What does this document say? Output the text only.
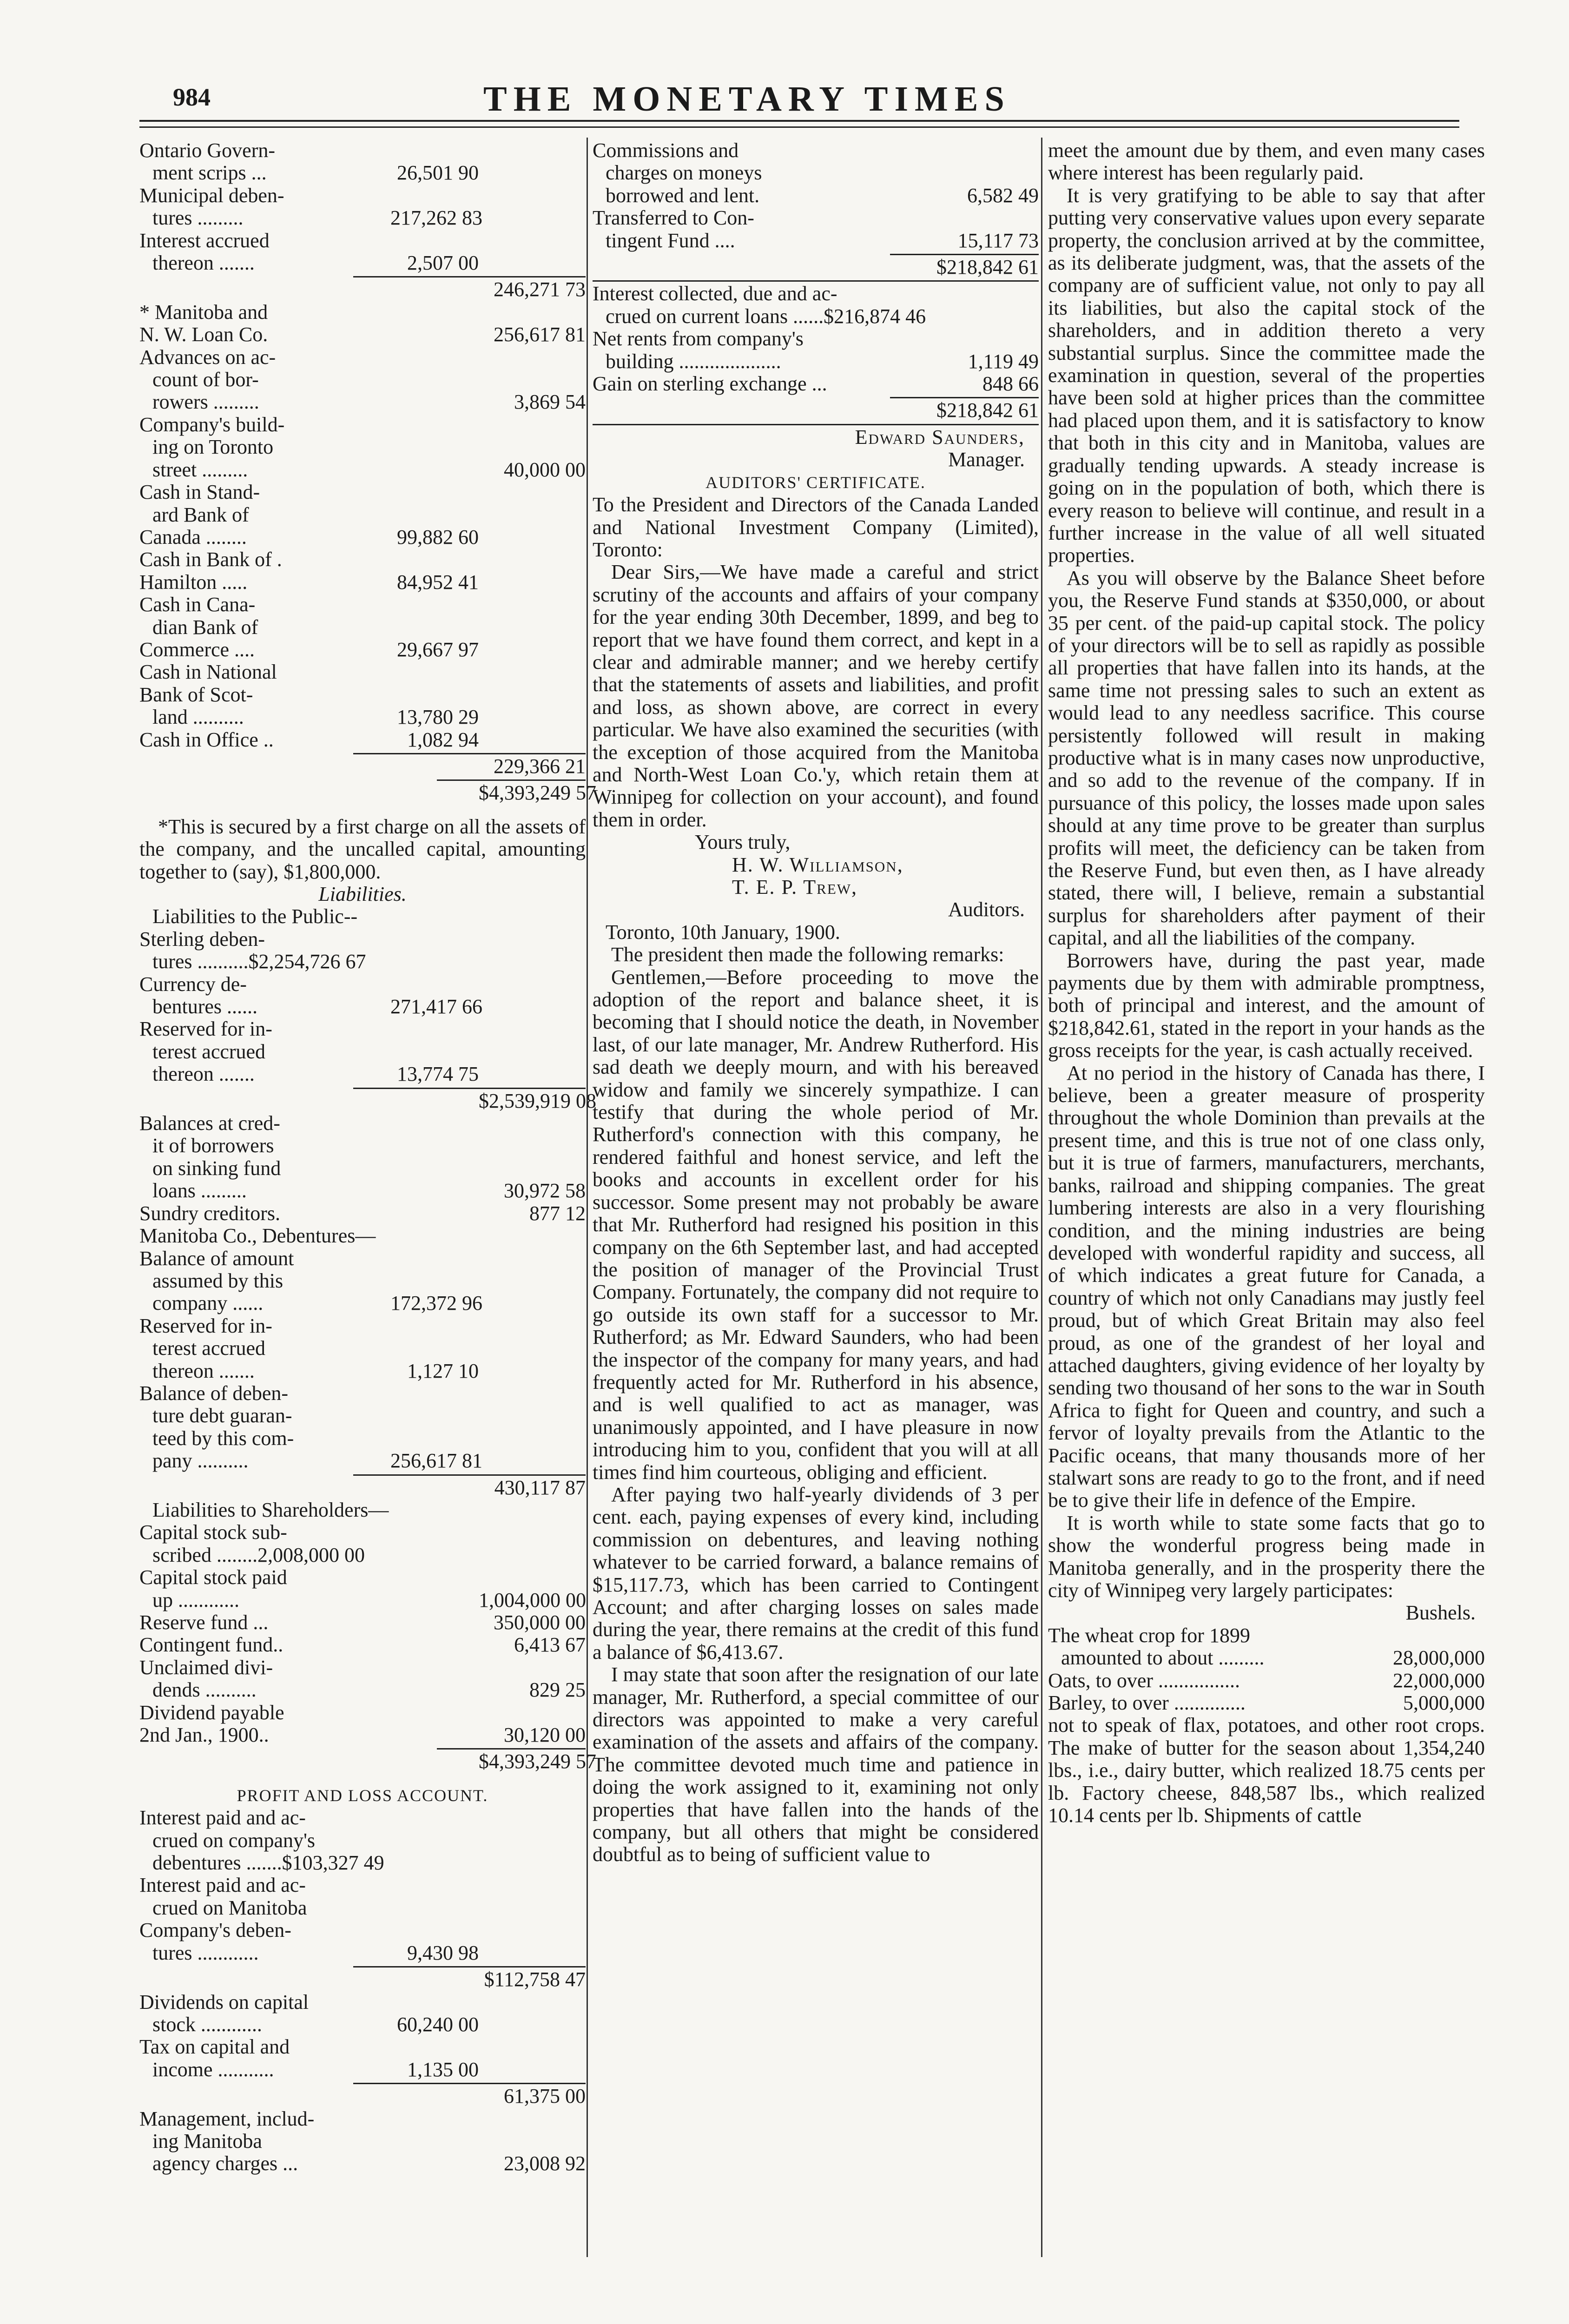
984	THE MONETARY TIMES
Ontario Govern-
ment scrips ...	26,501 90
Municipal deben-
tures .........	217,262 83
Interest accrued
thereon .......	2,507 00
246,271 73
* Manitoba and
N. W. Loan Co.	256,617 81
Advances on ac-
count of bor-
rowers .........	3,869 54
Company's build-
ing on Toronto
street .........	40,000 00
Cash in Stand-
ard Bank of
Canada ........	99,882 60
Cash in Bank of .
Hamilton .....	84,952 41
Cash in Cana-
dian Bank of
Commerce ....	29,667 97
Cash in National
Bank of Scot-
land ..........	13,780 29
Cash in Office ..	1,082 94
229,366 21
$4,393,249 57

*This is secured by a first charge on all the assets of the company, and the uncalled capital, amounting together to (say), $1,800,000.

Liabilities.
Liabilities to the Public--
Sterling deben-
tures ..........$2,254,726 67
Currency de-
bentures ......	271,417 66
Reserved for in-
terest accrued
thereon .......	13,774 75
$2,539,919 08
Balances at cred-
it of borrowers
on sinking fund
loans .........	30,972 58
Sundry creditors.	877 12
Manitoba Co., Debentures—
Balance of amount
assumed by this
company ......	172,372 96
Reserved for in-
terest accrued
thereon .......	1,127 10
Balance of deben-
ture debt guaran-
teed by this com-
pany ..........	256,617 81
430,117 87
Liabilities to Shareholders—
Capital stock sub-
scribed ........2,008,000 00
Capital stock paid
up ............	1,004,000 00
Reserve fund ...	350,000 00
Contingent fund..	6,413 67
Unclaimed divi-
dends ..........	829 25
Dividend payable
2nd Jan., 1900..	30,120 00
$4,393,249 57
PROFIT AND LOSS ACCOUNT.
Interest paid and ac-
crued on company's
debentures .......$103,327 49
Interest paid and ac-
crued on Manitoba
Company's deben-
tures ............	9,430 98
$112,758 47
Dividends on capital
stock ............	60,240 00
Tax on capital and
income ...........	1,135 00
61,375 00
Management, includ-
ing Manitoba
agency charges ...	23,008 92
Commissions and
charges on moneys
borrowed and lent.	6,582 49
Transferred to Con-
tingent Fund ....	15,117 73
$218,842 61
Interest collected, due and ac-
crued on current loans ......$216,874 46
Net rents from company's
building ....................	1,119 49
Gain on sterling exchange ...	848 66
$218,842 61
Edward Saunders,
Manager.
AUDITORS' CERTIFICATE.

To the President and Directors of the Canada Landed and National Investment Company (Limited), Toronto:

Dear Sirs,—We have made a careful and strict scrutiny of the accounts and affairs of your company for the year ending 30th December, 1899, and beg to report that we have found them correct, and kept in a clear and admirable manner; and we hereby certify that the statements of assets and liabilities, and profit and loss, as shown above, are correct in every particular. We have also examined the securities (with the exception of those acquired from the Manitoba and North-West Loan Co.'y, which retain them at Winnipeg for collection on your account), and found them in order.

Yours truly,
H. W. Williamson,
T. E. P. Trew,
Auditors.
Toronto, 10th January, 1900.

The president then made the following remarks:

Gentlemen,—Before proceeding to move the adoption of the report and balance sheet, it is becoming that I should notice the death, in November last, of our late manager, Mr. Andrew Rutherford. His sad death we deeply mourn, and with his bereaved widow and family we sincerely sympathize. I can testify that during the whole period of Mr. Rutherford's connection with this company, he rendered faithful and honest service, and left the books and accounts in excellent order for his successor. Some present may not probably be aware that Mr. Rutherford had resigned his position in this company on the 6th September last, and had accepted the position of manager of the Provincial Trust Company. Fortunately, the company did not require to go outside its own staff for a successor to Mr. Rutherford; as Mr. Edward Saunders, who had been the inspector of the company for many years, and had frequently acted for Mr. Rutherford in his absence, and is well qualified to act as manager, was unanimously appointed, and I have pleasure in now introducing him to you, confident that you will at all times find him courteous, obliging and efficient.

After paying two half-yearly dividends of 3 per cent. each, paying expenses of every kind, including commission on debentures, and leaving nothing whatever to be carried forward, a balance remains of $15,117.73, which has been carried to Contingent Account; and after charging losses on sales made during the year, there remains at the credit of this fund a balance of $6,413.67.

I may state that soon after the resignation of our late manager, Mr. Rutherford, a special committee of our directors was appointed to make a very careful examination of the assets and affairs of the company. The committee devoted much time and patience in doing the work assigned to it, examining not only properties that have fallen into the hands of the company, but all others that might be considered doubtful as to being of sufficient value to

meet the amount due by them, and even many cases where interest has been regularly paid.

It is very gratifying to be able to say that after putting very conservative values upon every separate property, the conclusion arrived at by the committee, as its deliberate judgment, was, that the assets of the company are of sufficient value, not only to pay all its liabilities, but also the capital stock of the shareholders, and in addition thereto a very substantial surplus. Since the committee made the examination in question, several of the properties have been sold at higher prices than the committee had placed upon them, and it is satisfactory to know that both in this city and in Manitoba, values are gradually tending upwards. A steady increase is going on in the population of both, which there is every reason to believe will continue, and result in a further increase in the value of all well situated properties.

As you will observe by the Balance Sheet before you, the Reserve Fund stands at $350,000, or about 35 per cent. of the paid-up capital stock. The policy of your directors will be to sell as rapidly as possible all properties that have fallen into its hands, at the same time not pressing sales to such an extent as would lead to any needless sacrifice. This course persistently followed will result in making productive what is in many cases now unproductive, and so add to the revenue of the company. If in pursuance of this policy, the losses made upon sales should at any time prove to be greater than surplus profits will meet, the deficiency can be taken from the Reserve Fund, but even then, as I have already stated, there will, I believe, remain a substantial surplus for shareholders after payment of their capital, and all the liabilities of the company.

Borrowers have, during the past year, made payments due by them with admirable promptness, both of principal and interest, and the amount of $218,842.61, stated in the report in your hands as the gross receipts for the year, is cash actually received.

At no period in the history of Canada has there, I believe, been a greater measure of prosperity throughout the whole Dominion than prevails at the present time, and this is true not of one class only, but it is true of farmers, manufacturers, merchants, banks, railroad and shipping companies. The great lumbering interests are also in a very flourishing condition, and the mining industries are being developed with wonderful rapidity and success, all of which indicates a great future for Canada, a country of which not only Canadians may justly feel proud, but of which Great Britain may also feel proud, as one of the grandest of her loyal and attached daughters, giving evidence of her loyalty by sending two thousand of her sons to the war in South Africa to fight for Queen and country, and such a fervor of loyalty prevails from the Atlantic to the Pacific oceans, that many thousands more of her stalwart sons are ready to go to the front, and if need be to give their life in defence of the Empire.

It is worth while to state some facts that go to show the wonderful progress being made in Manitoba generally, and in the prosperity there the city of Winnipeg very largely participates:

Bushels.
The wheat crop for 1899
amounted to about .........	28,000,000
Oats, to over ................	22,000,000
Barley, to over ..............	5,000,000

not to speak of flax, potatoes, and other root crops. The make of butter for the season about 1,354,240 lbs., i.e., dairy butter, which realized 18.75 cents per lb. Factory cheese, 848,587 lbs., which realized 10.14 cents per lb. Shipments of cattle
